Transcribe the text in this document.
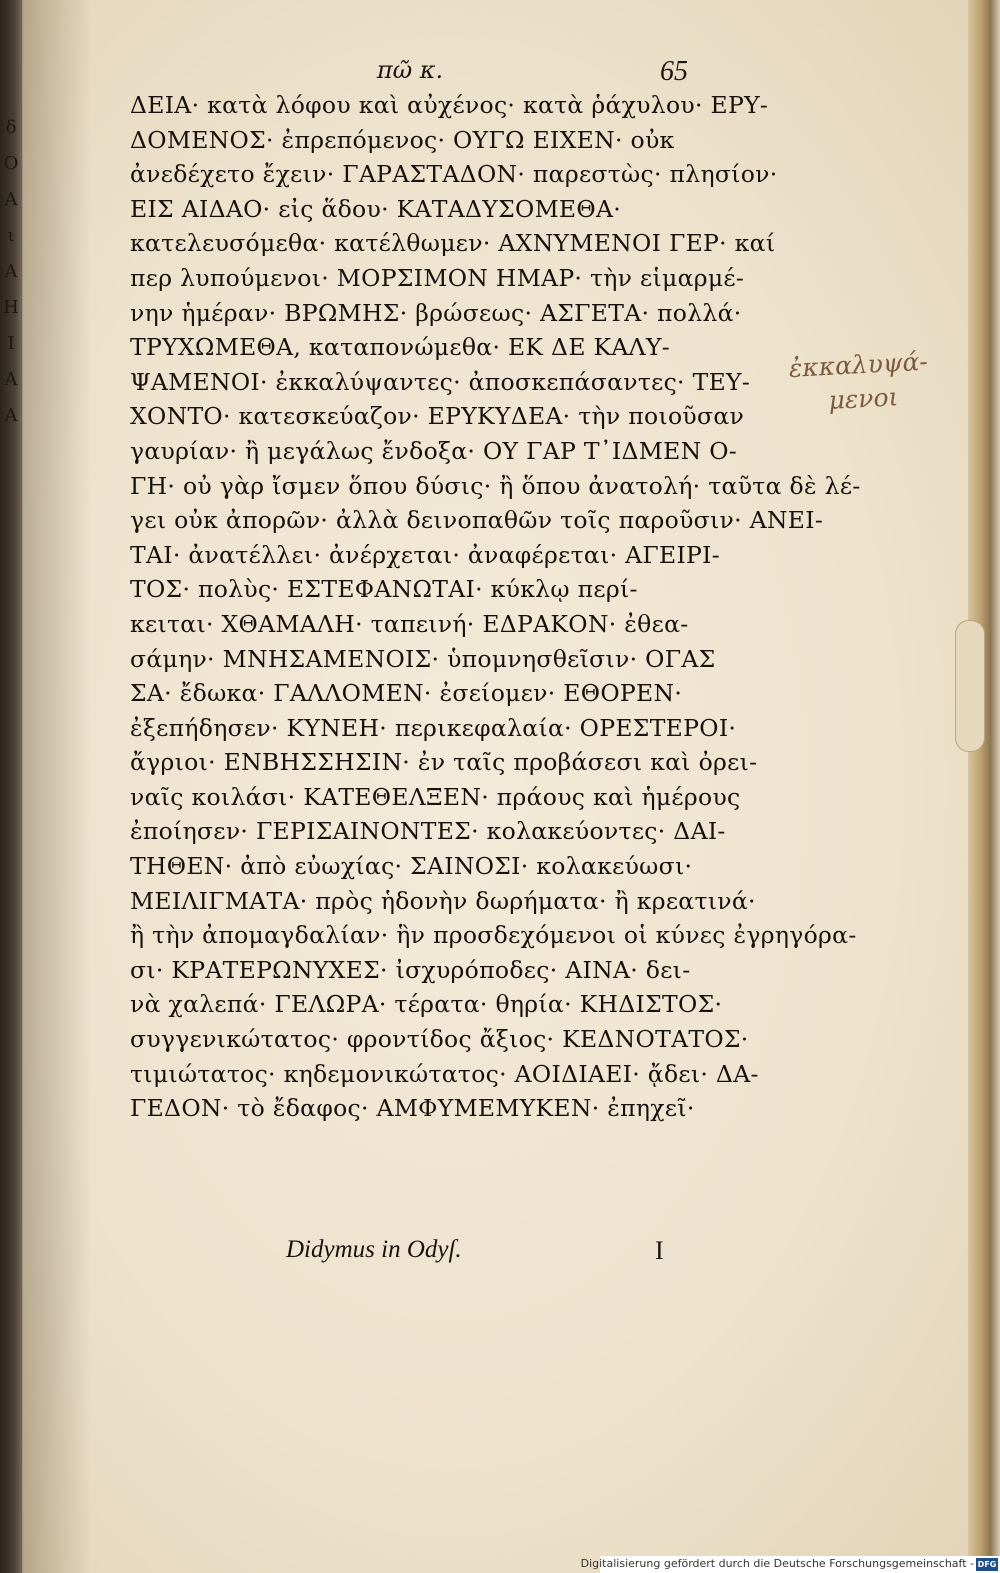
δ
Ο
Α
ι
Α
Η
Ι
Α
Α
πῶ κ.	65
ΔΕΙΑ· κατὰ λόφου καὶ αὐχένος· κατὰ ῥάχυλου· ΕΡΥ-
ΔΟΜΕΝΟΣ· ἐπρεπόμενος· ΟΥΓΩ ΕΙΧΕΝ· οὐκ
ἀνεδέχετο ἔχειν· ΓΑΡΑΣΤΑΔΟΝ· παρεστὼς· πλησίον·
ΕΙΣ ΑΙΔΑΟ· εἰς ἅδου· ΚΑΤΑΔΥΣΟΜΕΘΑ·
κατελευσόμεθα· κατέλθωμεν· ΑΧΝΥΜΕΝΟΙ ΓΕΡ· καί
περ λυπούμενοι· ΜΟΡΣΙΜΟΝ ΗΜΑΡ· τὴν εἱμαρμέ-
νην ἡμέραν· ΒΡΩΜΗΣ· βρώσεως· ΑΣΓΕΤΑ· πολλά·
ΤΡΥΧΩΜΕΘΑ, καταπονώμεθα· ΕΚ ΔΕ ΚΑΛΥ-
ΨΑΜΕΝΟΙ· ἐκκαλύψαντες· ἀποσκεπάσαντες· ΤΕΥ-
ΧΟΝΤΟ· κατεσκεύαζον· ΕΡΥΚΥΔΕΑ· τὴν ποιοῦσαν
γαυρίαν· ἢ μεγάλως ἔνδοξα· ΟΥ ΓΑΡ Τ᾽ΙΔΜΕΝ Ο-
ΓΗ· οὐ γὰρ ἴσμεν ὅπου δύσις· ἢ ὅπου ἀνατολή· ταῦτα δὲ λέ-
γει οὐκ ἀπορῶν· ἀλλὰ δεινοπαθῶν τοῖς παροῦσιν· ΑΝΕΙ-
ΤΑΙ· ἀνατέλλει· ἀνέρχεται· ἀναφέρεται· ΑΓΕΙΡΙ-
ΤΟΣ· πολὺς· ΕΣΤΕΦΑΝΩΤΑΙ· κύκλῳ περί-
κειται· ΧΘΑΜΑΛΗ· ταπεινή· ΕΔΡΑΚΟΝ· ἐθεα-
σάμην· ΜΝΗΣΑΜΕΝΟΙΣ· ὑπομνησθεῖσιν· ΟΓΑΣ
ΣΑ· ἔδωκα· ΓΑΛΛΟΜΕΝ· ἐσείομεν· ΕΘΟΡΕΝ·
ἐξεπήδησεν· ΚΥΝΕΗ· περικεφαλαία· ΟΡΕΣΤΕΡΟΙ·
ἄγριοι· ΕΝΒΗΣΣΗΣΙΝ· ἐν ταῖς προβάσεσι καὶ ὀρει-
ναῖς κοιλάσι· ΚΑΤΕΘΕΛΞΕΝ· πράους καὶ ἡμέρους
ἐποίησεν· ΓΕΡΙΣΑΙΝΟΝΤΕΣ· κολακεύοντες· ΔΑΙ-
ΤΗΘΕΝ· ἀπὸ εὐωχίας· ΣΑΙΝΟΣΙ· κολακεύωσι·
ΜΕΙΛΙΓΜΑΤΑ· πρὸς ἡδονὴν δωρήματα· ἢ κρεατινά·
ἢ τὴν ἀπομαγδαλίαν· ἣν προσδεχόμενοι οἱ κύνες ἐγρηγόρα-
σι· ΚΡΑΤΕΡΩΝΥΧΕΣ· ἰσχυρόποδες· ΑΙΝΑ· δει-
νὰ χαλεπά· ΓΕΛΩΡΑ· τέρατα· θηρία· ΚΗΔΙΣΤΟΣ·
συγγενικώτατος· φροντίδος ἄξιος· ΚΕΔΝΟΤΑΤΟΣ·
τιμιώτατος· κηδεμονικώτατος· ΑΟΙΔΙΑΕΙ· ᾄδει· ΔΑ-
ΓΕΔΟΝ· τὸ ἔδαφος· ΑΜΦΥΜΕΜΥΚΕΝ· ἐπηχεῖ·
ἐκκαλυψά-
μενοι
Didymus in Odyſ.	I
Digitalisierung gefördert durch die Deutsche Forschungsgemeinschaft - DFG
